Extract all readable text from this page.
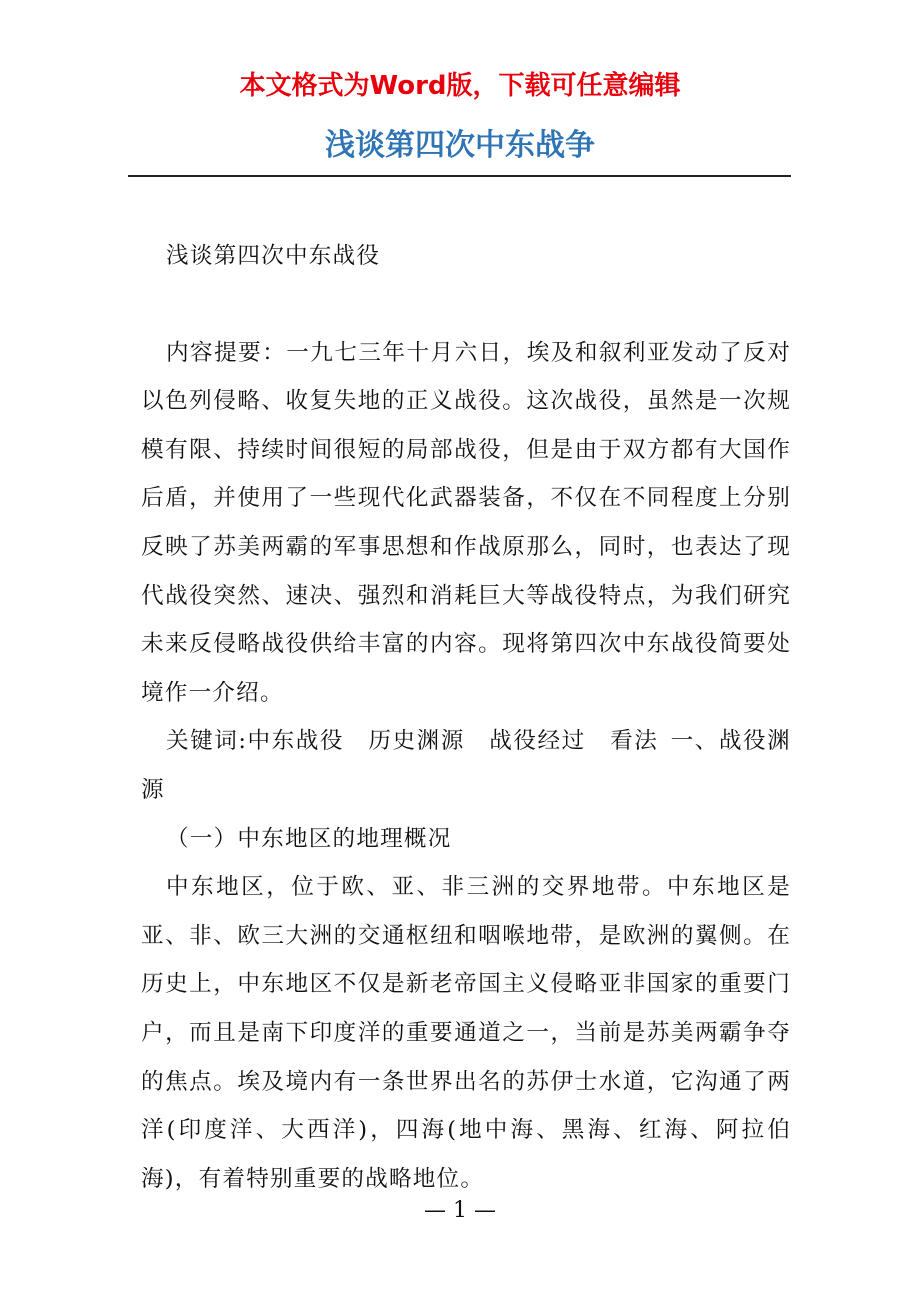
本文格式为Word版，下载可任意编辑
浅谈第四次中东战争

浅谈第四次中东战役

内容提要：一九七三年十月六日，埃及和叙利亚发动了反对以色列侵略、收复失地的正义战役。这次战役，虽然是一次规模有限、持续时间很短的局部战役，但是由于双方都有大国作后盾，并使用了一些现代化武器装备，不仅在不同程度上分别反映了苏美两霸的军事思想和作战原那么，同时，也表达了现代战役突然、速决、强烈和消耗巨大等战役特点，为我们研究未来反侵略战役供给丰富的内容。现将第四次中东战役简要处境作一介绍。

关键词:中东战役 历史渊源 战役经过 看法 一、战役渊源

（一）中东地区的地理概况

中东地区，位于欧、亚、非三洲的交界地带。中东地区是亚、非、欧三大洲的交通枢纽和咽喉地带，是欧洲的翼侧。在历史上，中东地区不仅是新老帝国主义侵略亚非国家的重要门户，而且是南下印度洋的重要通道之一，当前是苏美两霸争夺的焦点。埃及境内有一条世界出名的苏伊士水道，它沟通了两洋(印度洋、大西洋)，四海(地中海、黑海、红海、阿拉伯海)，有着特别重要的战略地位。

— 1 —
